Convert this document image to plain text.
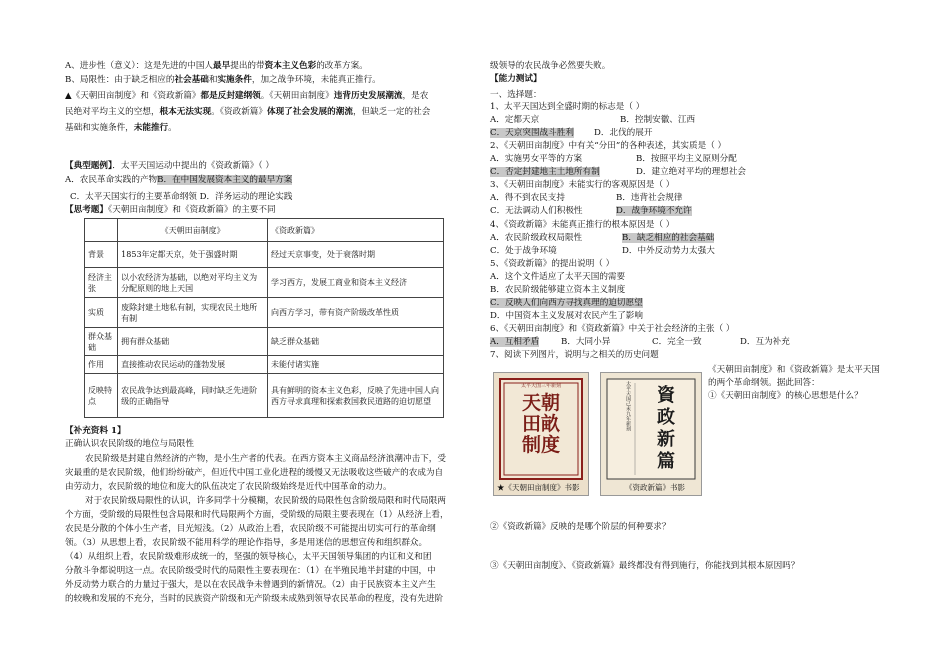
A、进步性（意义）：这是先进的中国人最早提出的带资本主义色彩的改革方案。
B、局限性：由于缺乏相应的社会基础和实施条件，加之战争环境，未能真正推行。
▲《天朝田亩制度》和《资政新篇》都是反封建纲领。《天朝田亩制度》违背历史发展潮流，是农
民绝对平均主义的空想，根本无法实现。《资政新篇》体现了社会发展的潮流，但缺乏一定的社会
基础和实施条件，未能推行。
【典型题例】．太平天国运动中提出的《资政新篇》（ ）
A．农民革命实践的产物B．在中国发展资本主义的最早方案
C．太平天国实行的主要革命纲领 D．洋务运动的理论实践
【思考题】《天朝田亩制度》和《资政新篇》的主要不同
	《天朝田亩制度》	《资政新篇》
背景	1853年定都天京，处于强盛时期	经过天京事变，处于衰落时期
经济主张	以小农经济为基础，以绝对平均主义为分配原则的地上天国	学习西方，发展工商业和资本主义经济
实质	废除封建土地私有制，实现农民土地所有制	向西方学习，带有资产阶级改革性质
群众基础	拥有群众基础	缺乏群众基础
作用	直接推动农民运动的蓬勃发展	未能付诸实施
反映特点	农民战争达到最高峰，同时缺乏先进阶级的正确指导	具有鲜明的资本主义色彩，反映了先进中国人向西方寻求真理和探索救国救民道路的迫切愿望
【补充资料 1】
正确认识农民阶级的地位与局限性
农民阶级是封建自然经济的产物，是小生产者的代表。在西方资本主义商品经济浪潮冲击下，受
灾最重的是农民阶级，他们纷纷破产，但近代中国工业化进程的缓慢又无法吸收这些破产的农成为自
由劳动力，农民阶级的地位和庞大的队伍决定了农民阶级始终是近代中国革命的动力。
对于农民阶级局限性的认识，许多同学十分模糊，农民阶级的局限性包含阶级局限和时代局限两
个方面，受阶级的局限性包含局限和时代局限两个方面，受阶级的局限主要表现在（1）从经济上看，
农民是分散的个体小生产者，目光短浅。（2）从政治上看，农民阶级不可能提出切实可行的革命纲
领。（3）从思想上看，农民阶级不能用科学的理论作指导，多是用迷信的思想宣传和组织群众。
（4）从组织上看，农民阶级难形成统一的，坚强的领导核心，太平天国领导集团的内讧和义和团
分散斗争都说明这一点。农民阶级受时代的局限性主要表现在：（1）在半殖民地半封建的中国，中
外反动势力联合的力量过于强大，是以在农民战争未曾遇到的新情况。（2）由于民族资本主义产生
的较晚和发展的不充分，当时的民族资产阶级和无产阶级未成熟到领导农民革命的程度，没有先进阶
级领导的农民战争必然要失败。
【能力测试】
一、选择题：
1、太平天国达到全盛时期的标志是（ ）
A．定都天京	B．控制安徽、江西
C．天京突围战斗胜利 D．北伐的展开
2、《天朝田亩制度》中有关“分田”的各种表述，其实质是（ ）
A．实施男女平等的方案	B．按照平均主义原则分配
C．否定封建地主土地所有制	D．建立绝对平均的理想社会
3、《天朝田亩制度》未能实行的客观原因是（ ）
A．得不到农民支持	B．违背社会规律
C．无法调动人们积极性	D．战争环境不允许
4、《资政新篇》未能真正推行的根本原因是（ ）
A．农民阶级政权局限性	B．缺乏相应的社会基础
C．处于战争环境	D．中外反动势力太强大
5、《资政新篇》的提出说明（ ）
A．这个文件适应了太平天国的需要
B．农民阶级能够建立资本主义制度
C．反映人们向西方寻找真理的迫切愿望
D．中国资本主义发展对农民产生了影响
6、《天朝田亩制度》和《资政新篇》中关于社会经济的主张（ ）
A．互相矛盾	B．大同小异	C．完全一致	D．互为补充
7、阅读下列图片，说明与之相关的历史问题
《天朝田亩制度》和《资政新篇》是太平天国
的两个革命纲领。据此回答：
①《天朝田亩制度》的核心思想是什么？
太平天国三年新刻
天朝
田畝
制度
★《天朝田亩制度》书影
太平天国己未九年新刻	資
政
新
篇
《资政新篇》书影
②《资政新篇》反映的是哪个阶层的何种要求？
③《天朝田亩制度》、《资政新篇》最终都没有得到施行，你能找到其根本原因吗？
